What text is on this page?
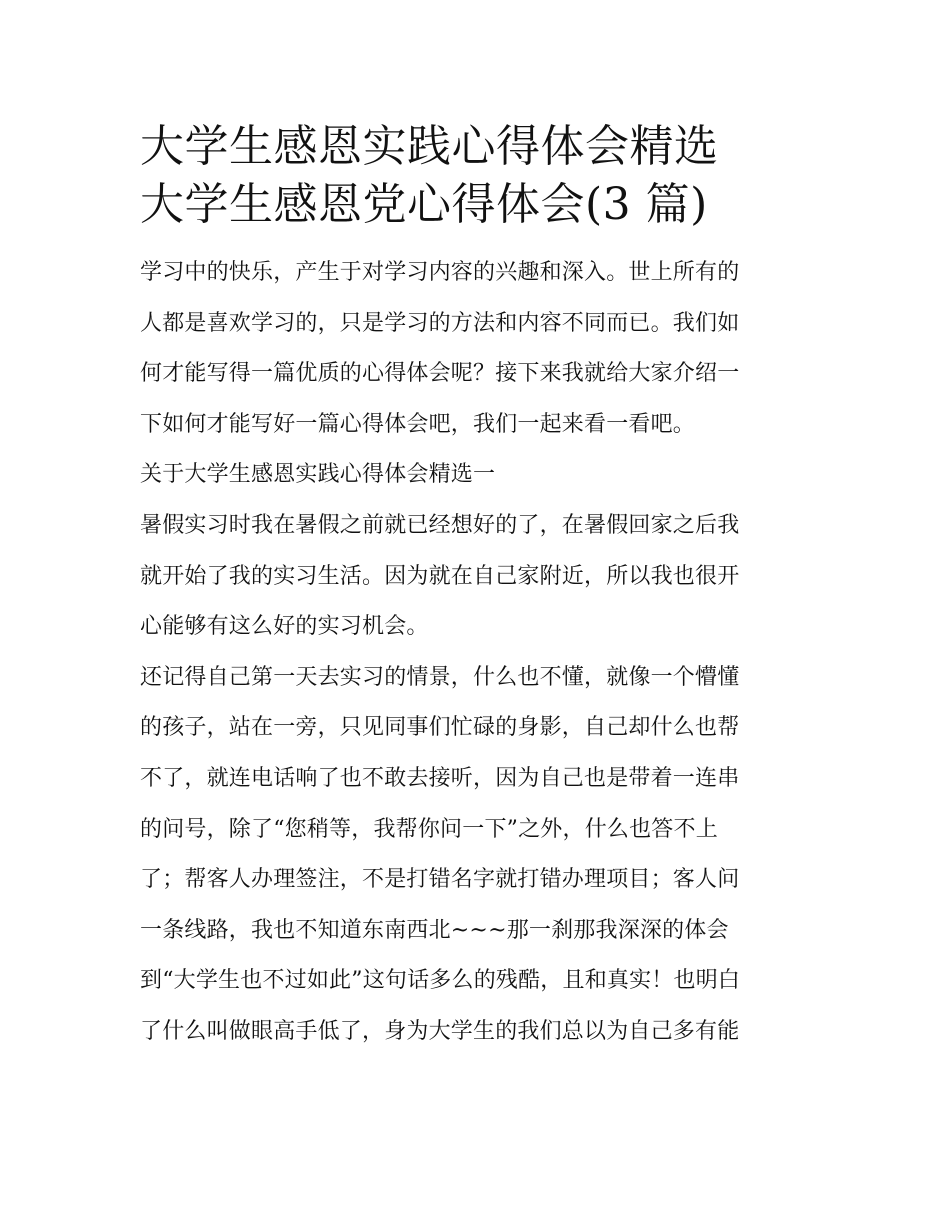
大学生感恩实践心得体会精选
大学生感恩党心得体会(3 篇)

学习中的快乐，产生于对学习内容的兴趣和深入。世上所有的
人都是喜欢学习的，只是学习的方法和内容不同而已。我们如
何才能写得一篇优质的心得体会呢？接下来我就给大家介绍一
下如何才能写好一篇心得体会吧，我们一起来看一看吧。

关于大学生感恩实践心得体会精选一

暑假实习时我在暑假之前就已经想好的了，在暑假回家之后我
就开始了我的实习生活。因为就在自己家附近，所以我也很开
心能够有这么好的实习机会。

还记得自己第一天去实习的情景，什么也不懂，就像一个懵懂
的孩子，站在一旁，只见同事们忙碌的身影，自己却什么也帮
不了，就连电话响了也不敢去接听，因为自己也是带着一连串
的问号，除了“您稍等，我帮你问一下”之外，什么也答不上
了；帮客人办理签注，不是打错名字就打错办理项目；客人问
一条线路，我也不知道东南西北~~~那一刹那我深深的体会
到“大学生也不过如此”这句话多么的残酷，且和真实！也明白
了什么叫做眼高手低了，身为大学生的我们总以为自己多有能
